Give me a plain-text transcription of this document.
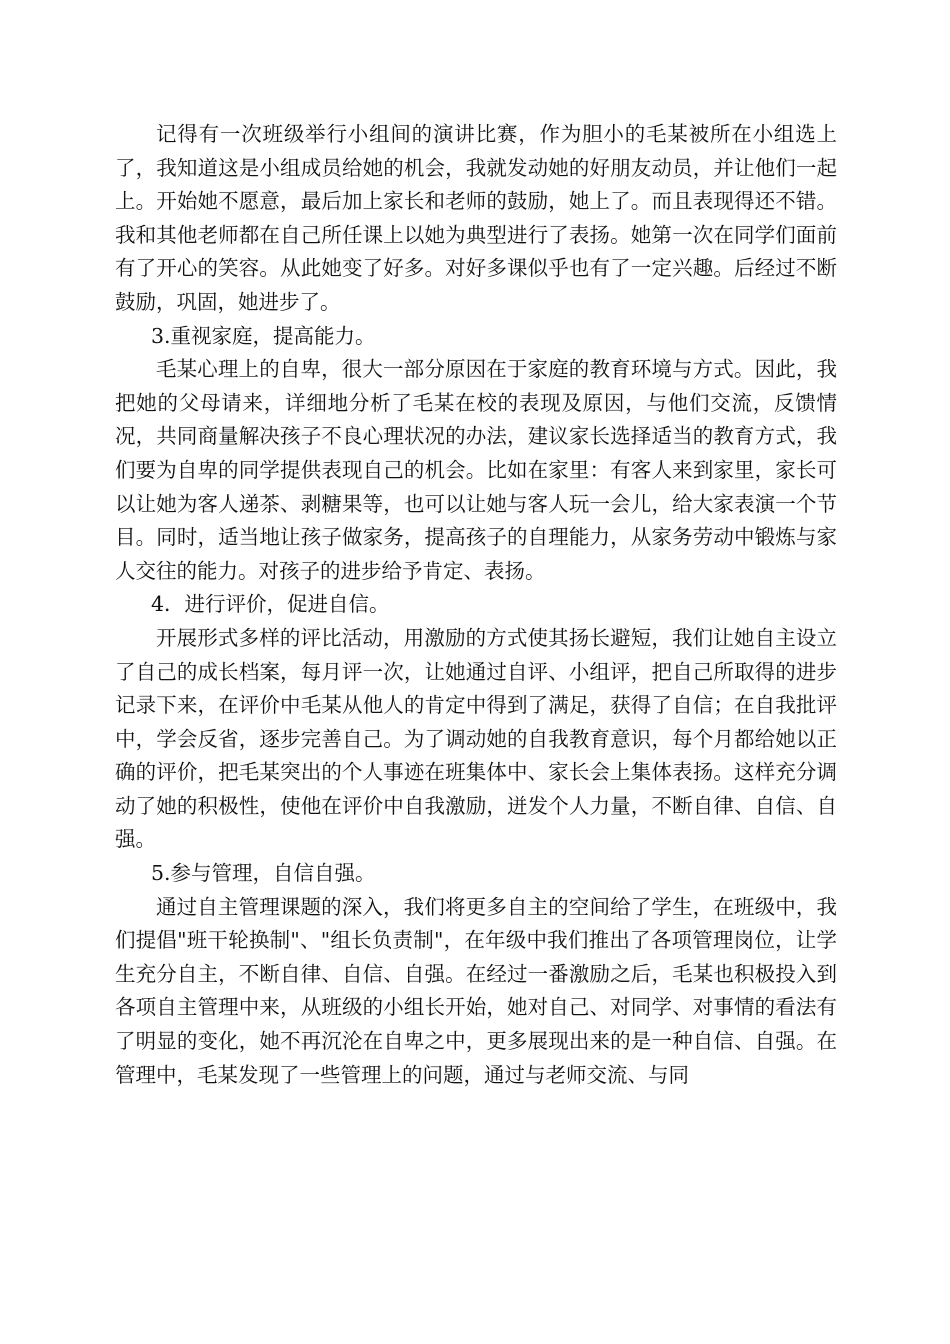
记得有一次班级举行小组间的演讲比赛，作为胆小的毛某被所在小组选上了，我知道这是小组成员给她的机会，我就发动她的好朋友动员，并让他们一起上。开始她不愿意，最后加上家长和老师的鼓励，她上了。而且表现得还不错。我和其他老师都在自己所任课上以她为典型进行了表扬。她第一次在同学们面前有了开心的笑容。从此她变了好多。对好多课似乎也有了一定兴趣。后经过不断鼓励，巩固，她进步了。

3.重视家庭，提高能力。

毛某心理上的自卑，很大一部分原因在于家庭的教育环境与方式。因此，我把她的父母请来，详细地分析了毛某在校的表现及原因，与他们交流，反馈情况，共同商量解决孩子不良心理状况的办法，建议家长选择适当的教育方式，我们要为自卑的同学提供表现自己的机会。比如在家里：有客人来到家里，家长可以让她为客人递茶、剥糖果等，也可以让她与客人玩一会儿，给大家表演一个节目。同时，适当地让孩子做家务，提高孩子的自理能力，从家务劳动中锻炼与家人交往的能力。对孩子的进步给予肯定、表扬。

4．进行评价，促进自信。

开展形式多样的评比活动，用激励的方式使其扬长避短，我们让她自主设立了自己的成长档案，每月评一次，让她通过自评、小组评，把自己所取得的进步记录下来，在评价中毛某从他人的肯定中得到了满足，获得了自信；在自我批评中，学会反省，逐步完善自己。为了调动她的自我教育意识，每个月都给她以正确的评价，把毛某突出的个人事迹在班集体中、家长会上集体表扬。这样充分调动了她的积极性，使他在评价中自我激励，迸发个人力量，不断自律、自信、自强。

5.参与管理，自信自强。

通过自主管理课题的深入，我们将更多自主的空间给了学生，在班级中，我们提倡"班干轮换制"、"组长负责制"，在年级中我们推出了各项管理岗位，让学生充分自主，不断自律、自信、自强。在经过一番激励之后，毛某也积极投入到各项自主管理中来，从班级的小组长开始，她对自己、对同学、对事情的看法有了明显的变化，她不再沉沦在自卑之中，更多展现出来的是一种自信、自强。在管理中，毛某发现了一些管理上的问题，通过与老师交流、与同
